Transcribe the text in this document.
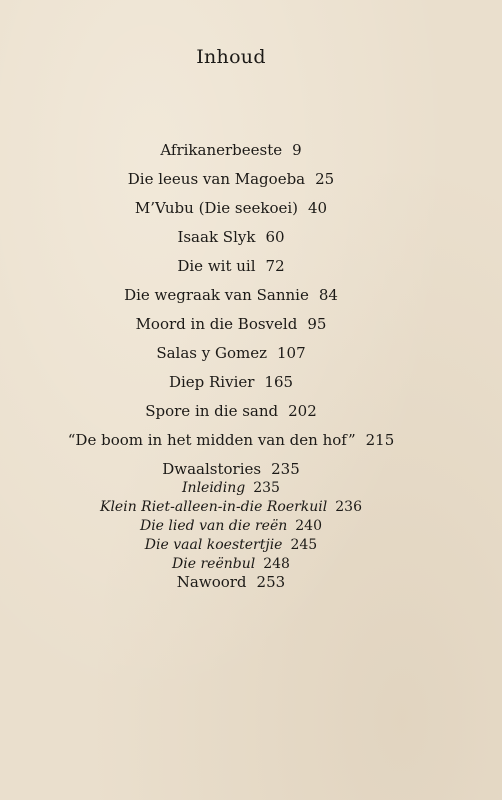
Inhoud
Afrikanerbeeste 9
Die leeus van Magoeba 25
M’Vubu (Die seekoei) 40
Isaak Slyk 60
Die wit uil 72
Die wegraak van Sannie 84
Moord in die Bosveld 95
Salas y Gomez 107
Diep Rivier 165
Spore in die sand 202
“De boom in het midden van den hof” 215
Dwaalstories 235
Inleiding 235
Klein Riet-alleen-in-die Roerkuil 236
Die lied van die reën 240
Die vaal koestertjie 245
Die reënbul 248
Nawoord 253
